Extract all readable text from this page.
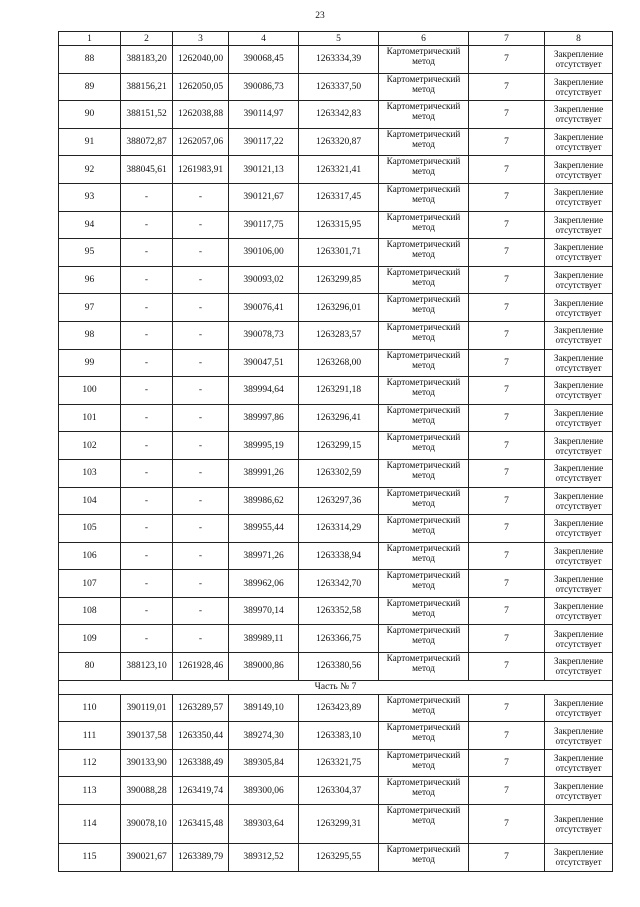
23
1	2	3	4	5	6	7	8
88	388183,20	1262040,00	390068,45	1263334,39	Картометрический метод	7	Закрепление отсутствует
89	388156,21	1262050,05	390086,73	1263337,50	Картометрический метод	7	Закрепление отсутствует
90	388151,52	1262038,88	390114,97	1263342,83	Картометрический метод	7	Закрепление отсутствует
91	388072,87	1262057,06	390117,22	1263320,87	Картометрический метод	7	Закрепление отсутствует
92	388045,61	1261983,91	390121,13	1263321,41	Картометрический метод	7	Закрепление отсутствует
93	-	-	390121,67	1263317,45	Картометрический метод	7	Закрепление отсутствует
94	-	-	390117,75	1263315,95	Картометрический метод	7	Закрепление отсутствует
95	-	-	390106,00	1263301,71	Картометрический метод	7	Закрепление отсутствует
96	-	-	390093,02	1263299,85	Картометрический метод	7	Закрепление отсутствует
97	-	-	390076,41	1263296,01	Картометрический метод	7	Закрепление отсутствует
98	-	-	390078,73	1263283,57	Картометрический метод	7	Закрепление отсутствует
99	-	-	390047,51	1263268,00	Картометрический метод	7	Закрепление отсутствует
100	-	-	389994,64	1263291,18	Картометрический метод	7	Закрепление отсутствует
101	-	-	389997,86	1263296,41	Картометрический метод	7	Закрепление отсутствует
102	-	-	389995,19	1263299,15	Картометрический метод	7	Закрепление отсутствует
103	-	-	389991,26	1263302,59	Картометрический метод	7	Закрепление отсутствует
104	-	-	389986,62	1263297,36	Картометрический метод	7	Закрепление отсутствует
105	-	-	389955,44	1263314,29	Картометрический метод	7	Закрепление отсутствует
106	-	-	389971,26	1263338,94	Картометрический метод	7	Закрепление отсутствует
107	-	-	389962,06	1263342,70	Картометрический метод	7	Закрепление отсутствует
108	-	-	389970,14	1263352,58	Картометрический метод	7	Закрепление отсутствует
109	-	-	389989,11	1263366,75	Картометрический метод	7	Закрепление отсутствует
80	388123,10	1261928,46	389000,86	1263380,56	Картометрический метод	7	Закрепление отсутствует
Часть № 7							
110	390119,01	1263289,57	389149,10	1263423,89	Картометрический метод	7	Закрепление отсутствует
111	390137,58	1263350,44	389274,30	1263383,10	Картометрический метод	7	Закрепление отсутствует
112	390133,90	1263388,49	389305,84	1263321,75	Картометрический метод	7	Закрепление отсутствует
113	390088,28	1263419,74	389300,06	1263304,37	Картометрический метод	7	Закрепление отсутствует
114	390078,10	1263415,48	389303,64	1263299,31	Картометрический метод	7	Закрепление отсутствует
115	390021,67	1263389,79	389312,52	1263295,55	Картометрический метод	7	Закрепление отсутствует
